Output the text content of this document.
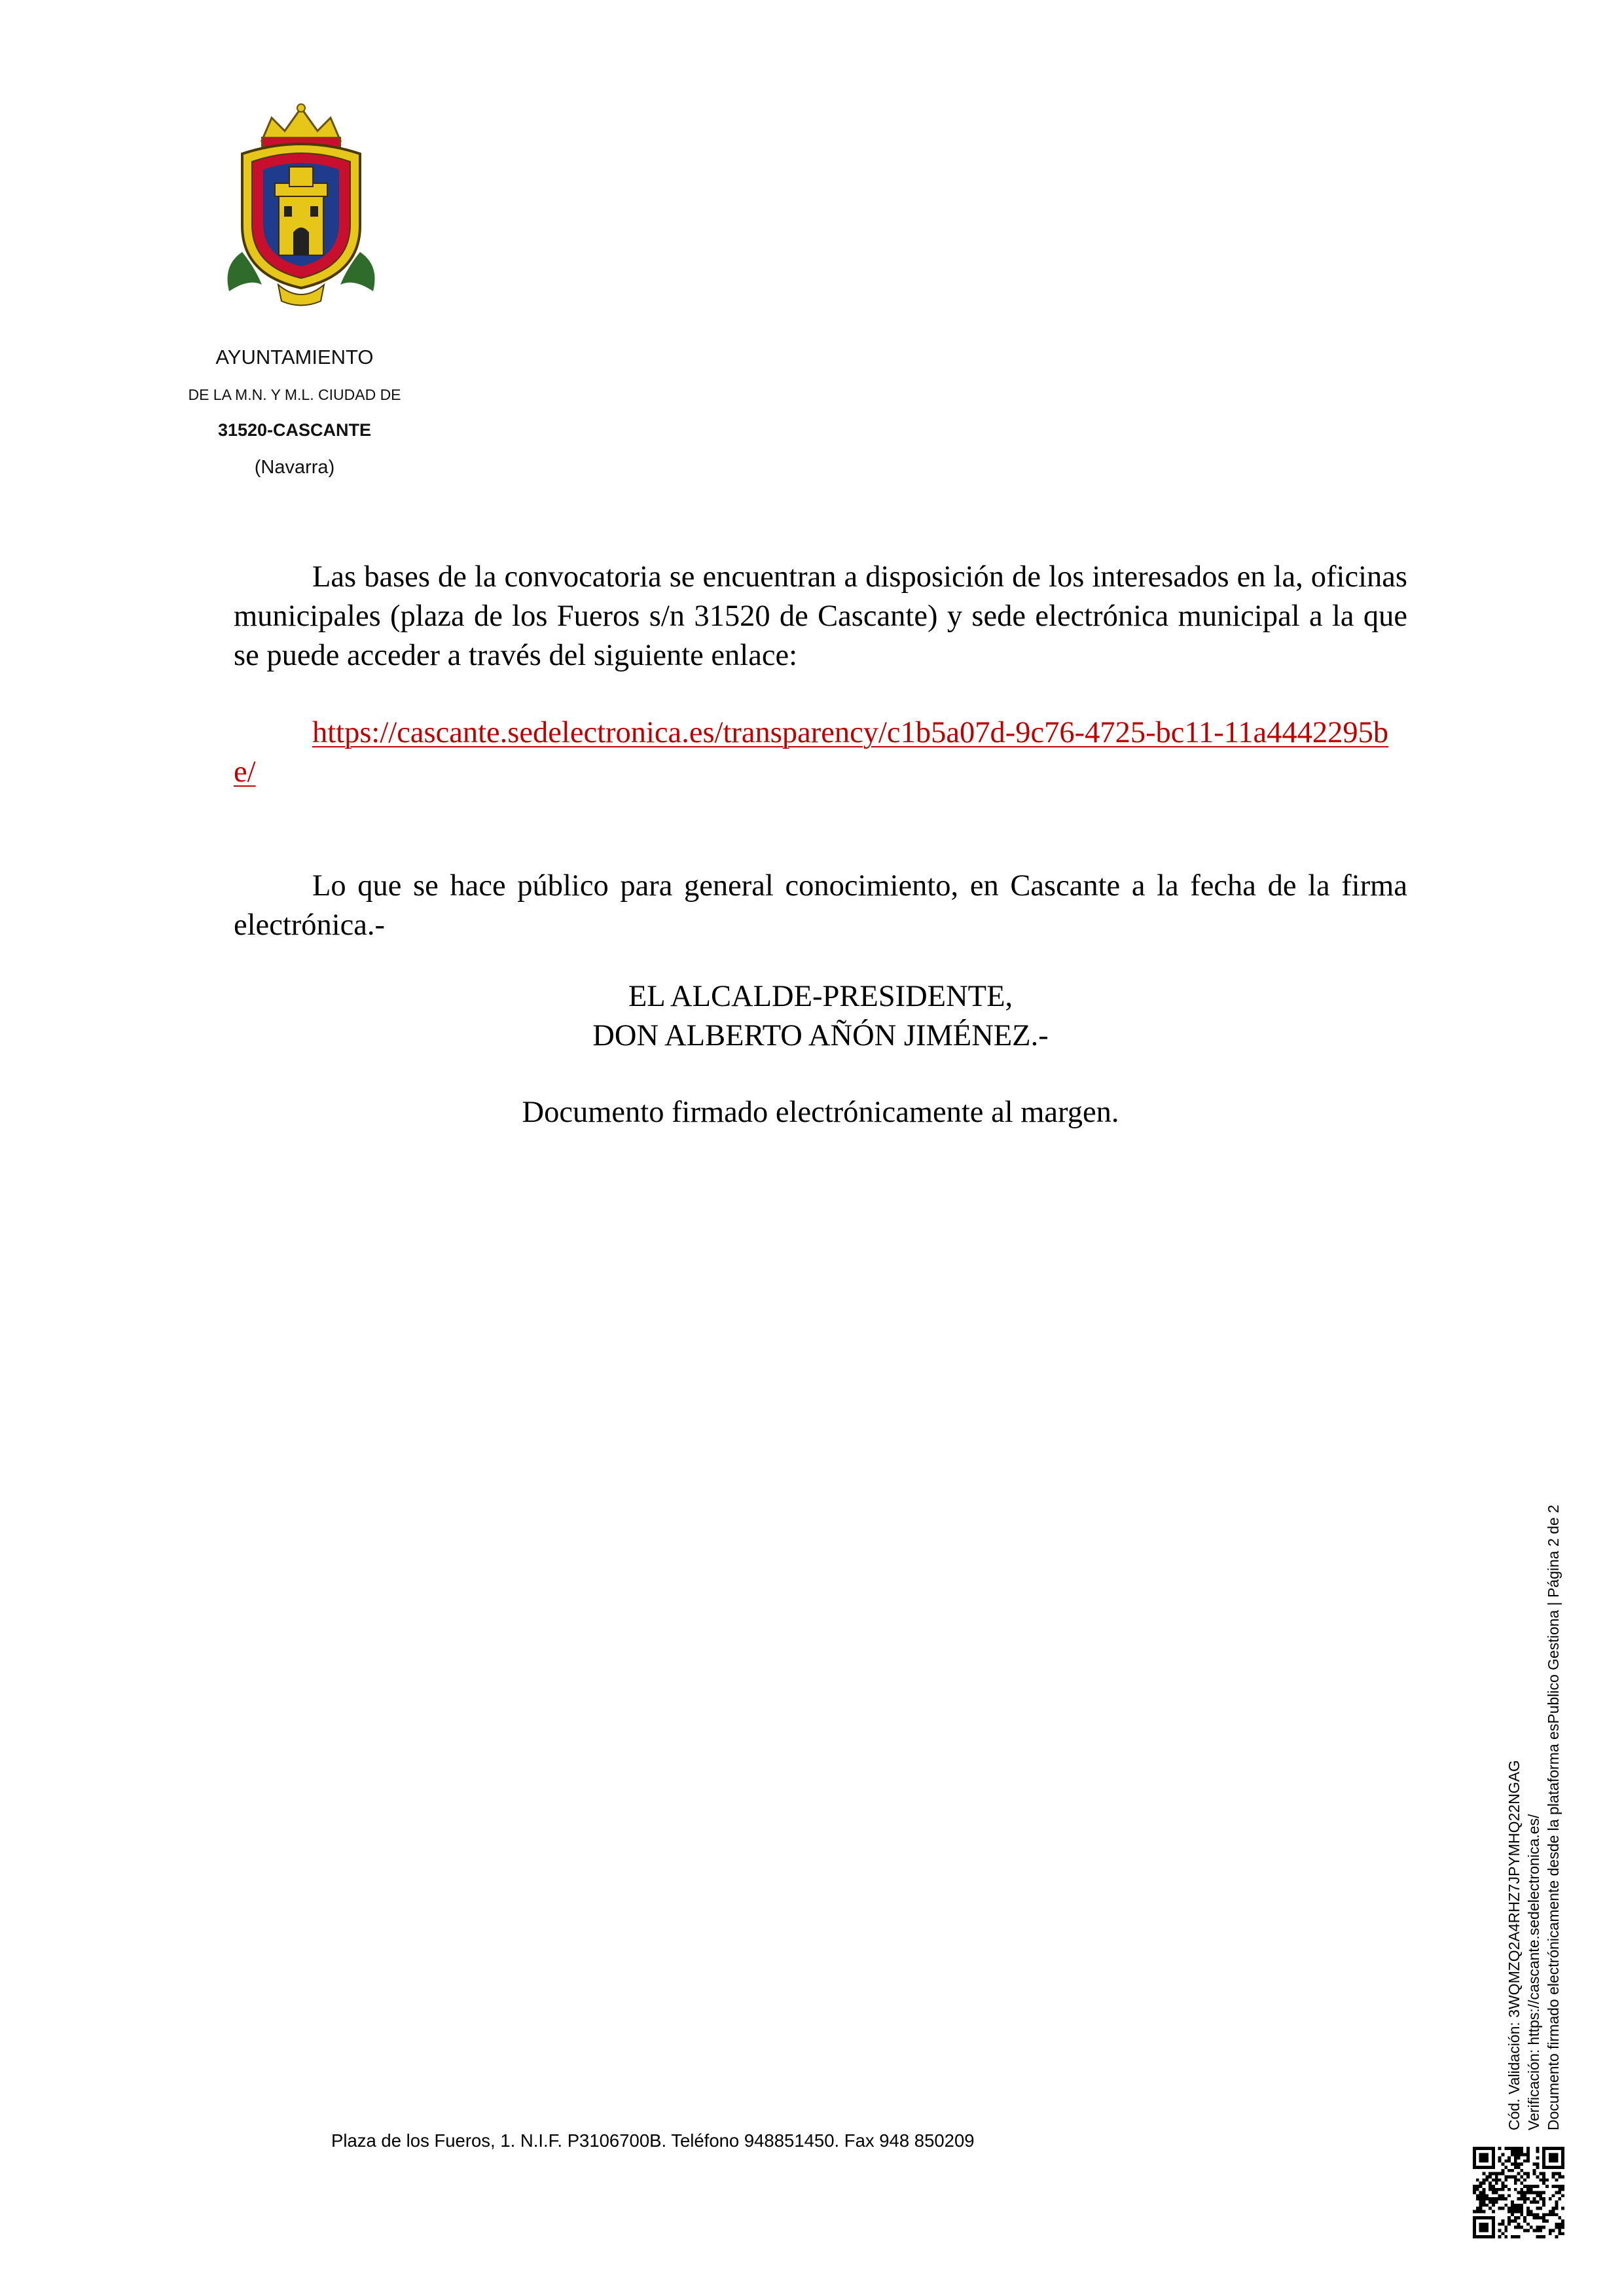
AYUNTAMIENTO
DE LA M.N. Y M.L. CIUDAD DE
31520-CASCANTE
(Navarra)

Las bases de la convocatoria se encuentran a disposición de los interesados en la, oficinas municipales (plaza de los Fueros s/n 31520 de Cascante) y sede electrónica municipal a la que se puede acceder a través del siguiente enlace:

https://cascante.sedelectronica.es/transparency/c1b5a07d-9c76-4725-bc11-11a4442295be/

Lo que se hace público para general conocimiento, en Cascante a la fecha de la firma electrónica.-

EL ALCALDE-PRESIDENTE,
DON ALBERTO AÑÓN JIMÉNEZ.-
Documento firmado electrónicamente al margen.
Plaza de los Fueros, 1. N.I.F. P3106700B. Teléfono 948851450. Fax 948 850209
Cód. Validación: 3WQMZQ2A4RHZ7JPYMHQ22NGAG Verificación: https://cascante.sedelectronica.es/ Documento firmado electrónicamente desde la plataforma esPublico Gestiona | Página 2 de 2
